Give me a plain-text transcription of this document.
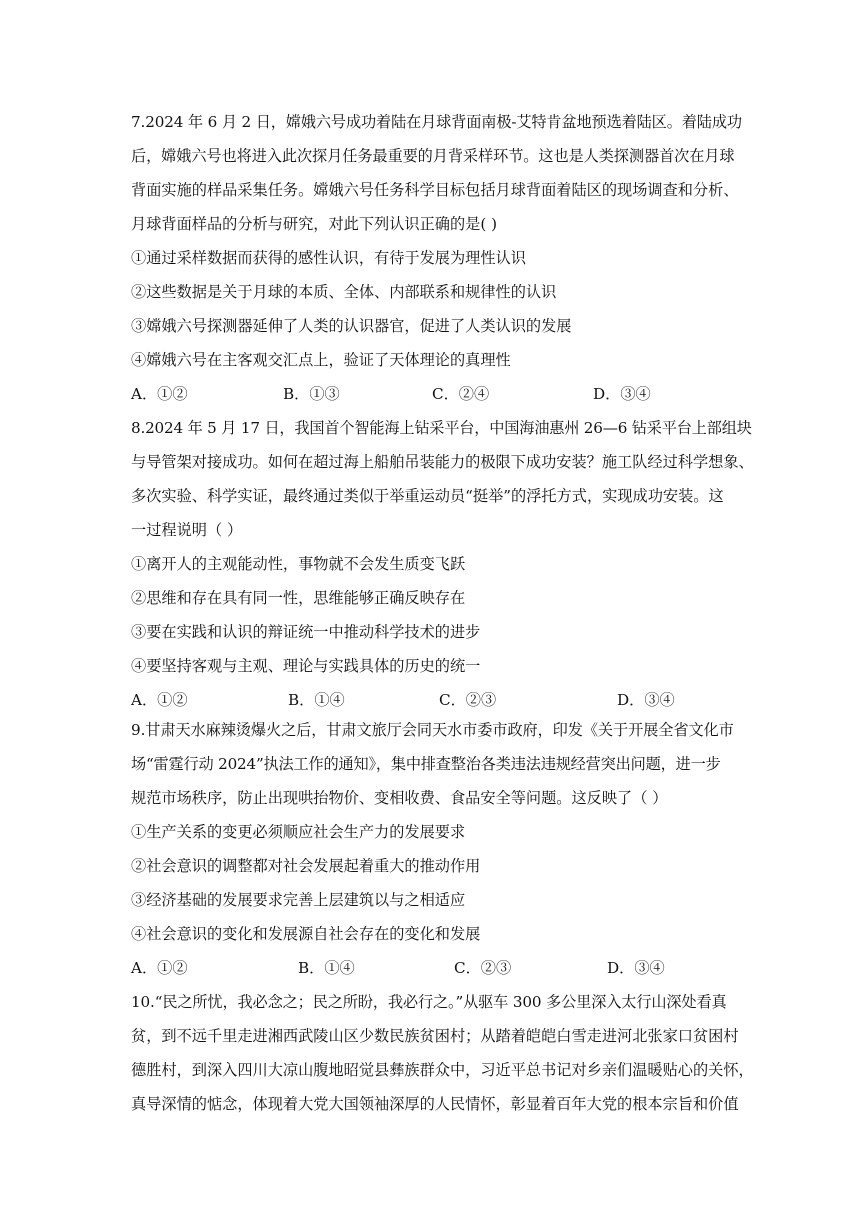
7.2024 年 6 月 2 日，嫦娥六号成功着陆在月球背面南极-艾特肯盆地预选着陆区。着陆成功
后，嫦娥六号也将进入此次探月任务最重要的月背采样环节。这也是人类探测器首次在月球
背面实施的样品采集任务。嫦娥六号任务科学目标包括月球背面着陆区的现场调查和分析、
月球背面样品的分析与研究，对此下列认识正确的是( )
①通过采样数据而获得的感性认识，有待于发展为理性认识
②这些数据是关于月球的本质、全体、内部联系和规律性的认识
③嫦娥六号探测器延伸了人类的认识器官，促进了人类认识的发展
④嫦娥六号在主客观交汇点上，验证了天体理论的真理性
A．①②	B．①③	C．②④	D．③④
8.2024 年 5 月 17 日，我国首个智能海上钻采平台，中国海油惠州 26—6 钻采平台上部组块
与导管架对接成功。如何在超过海上船舶吊装能力的极限下成功安装？施工队经过科学想象、
多次实验、科学实证，最终通过类似于举重运动员“挺举”的浮托方式，实现成功安装。这
一过程说明（ ）
①离开人的主观能动性，事物就不会发生质变飞跃
②思维和存在具有同一性，思维能够正确反映存在
③要在实践和认识的辩证统一中推动科学技术的进步
④要坚持客观与主观、理论与实践具体的历史的统一
A．①②	B．①④	C．②③	D．③④
9.甘肃天水麻辣烫爆火之后，甘肃文旅厅会同天水市委市政府，印发《关于开展全省文化市
场“雷霆行动 2024”执法工作的通知》，集中排查整治各类违法违规经营突出问题，进一步
规范市场秩序，防止出现哄抬物价、变相收费、食品安全等问题。这反映了（ ）
①生产关系的变更必须顺应社会生产力的发展要求
②社会意识的调整都对社会发展起着重大的推动作用
③经济基础的发展要求完善上层建筑以与之相适应
④社会意识的变化和发展源自社会存在的变化和发展
A．①②	B．①④	C．②③	D．③④
10.“民之所忧，我必念之；民之所盼，我必行之。”从驱车 300 多公里深入太行山深处看真
贫，到不远千里走进湘西武陵山区少数民族贫困村；从踏着皑皑白雪走进河北张家口贫困村
德胜村，到深入四川大凉山腹地昭觉县彝族群众中，习近平总书记对乡亲们温暖贴心的关怀，
真导深情的惦念，体现着大党大国领袖深厚的人民情怀，彰显着百年大党的根本宗旨和价值
